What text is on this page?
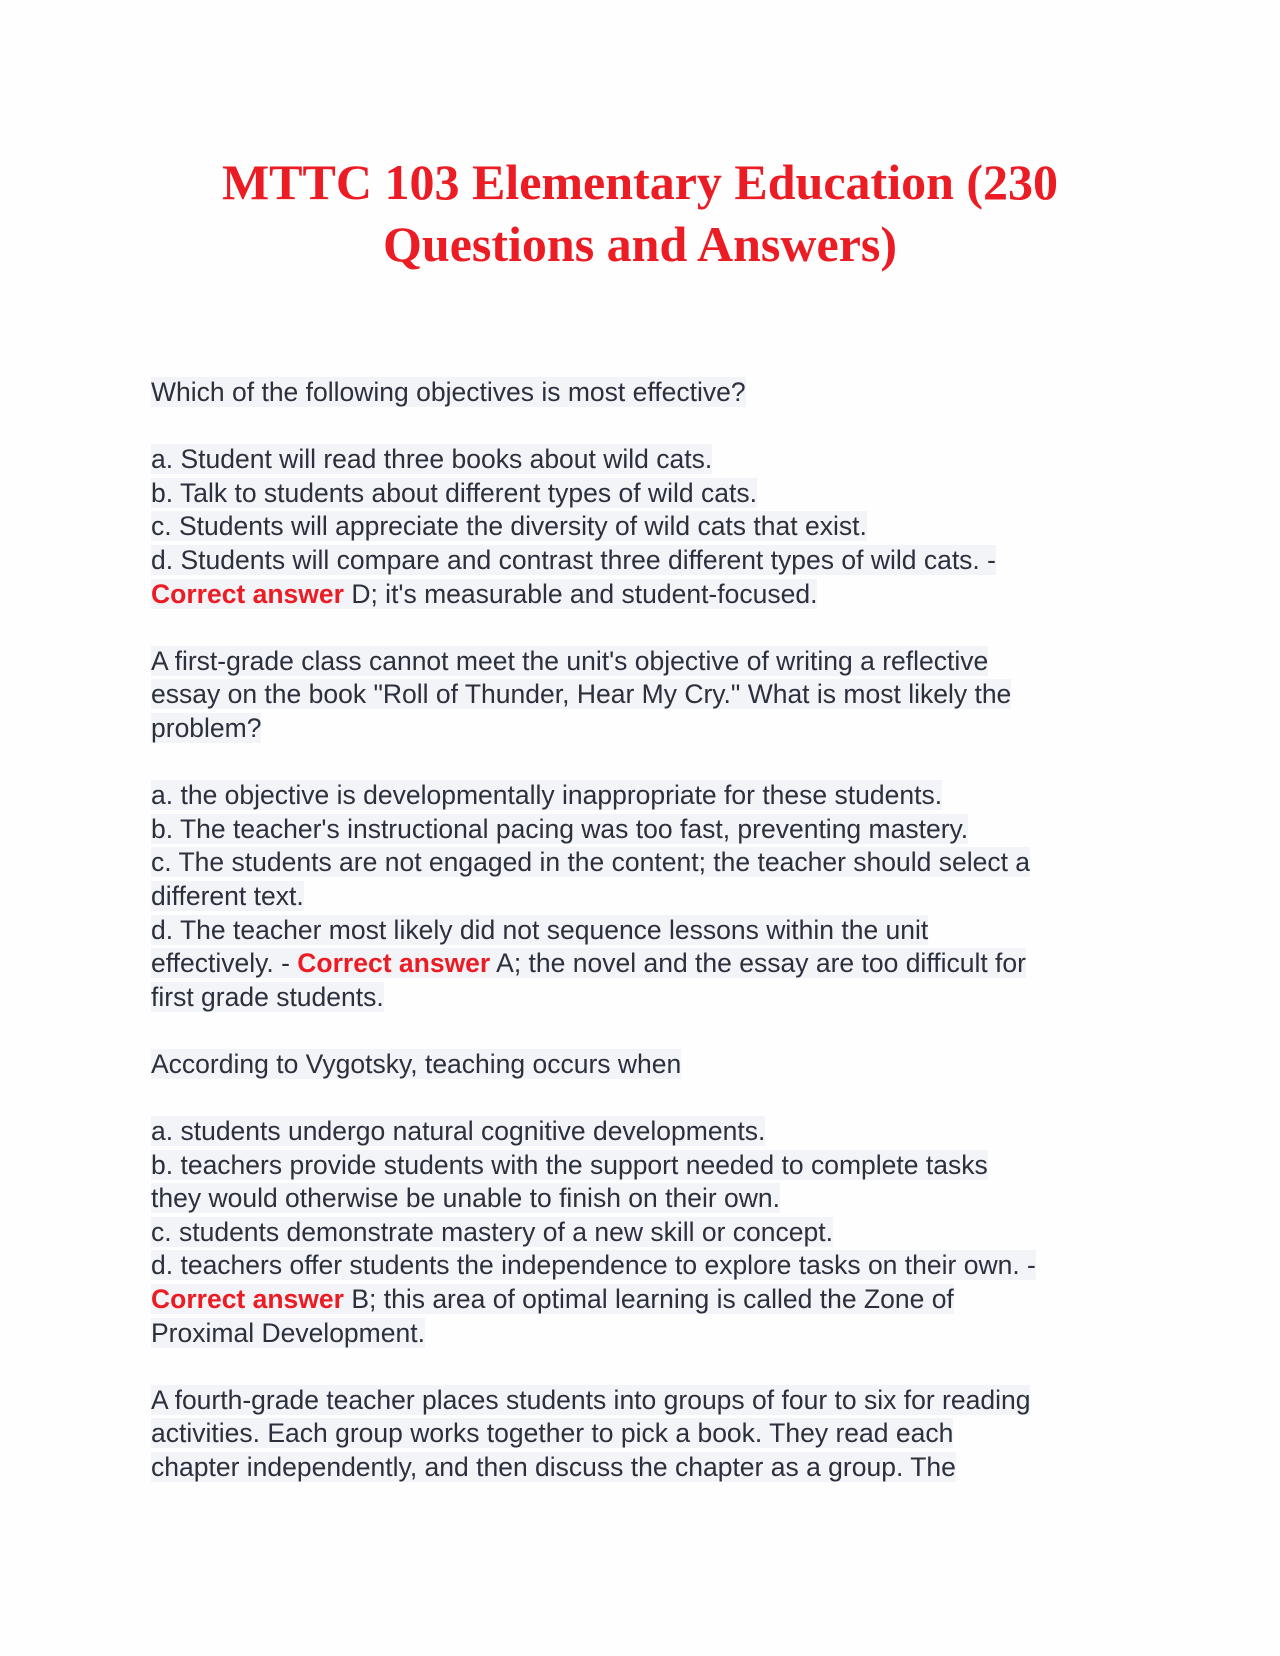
MTTC 103 Elementary Education (230
Questions and Answers)
Which of the following objectives is most effective?
a. Student will read three books about wild cats.
b. Talk to students about different types of wild cats.
c. Students will appreciate the diversity of wild cats that exist.
d. Students will compare and contrast three different types of wild cats. -
Correct answer D; it's measurable and student-focused.
A first-grade class cannot meet the unit's objective of writing a reflective
essay on the book "Roll of Thunder, Hear My Cry." What is most likely the
problem?
a. the objective is developmentally inappropriate for these students.
b. The teacher's instructional pacing was too fast, preventing mastery.
c. The students are not engaged in the content; the teacher should select a
different text.
d. The teacher most likely did not sequence lessons within the unit
effectively. - Correct answer A; the novel and the essay are too difficult for
first grade students.
According to Vygotsky, teaching occurs when
a. students undergo natural cognitive developments.
b. teachers provide students with the support needed to complete tasks
they would otherwise be unable to finish on their own.
c. students demonstrate mastery of a new skill or concept.
d. teachers offer students the independence to explore tasks on their own. -
Correct answer B; this area of optimal learning is called the Zone of
Proximal Development.
A fourth-grade teacher places students into groups of four to six for reading
activities. Each group works together to pick a book. They read each
chapter independently, and then discuss the chapter as a group. The
